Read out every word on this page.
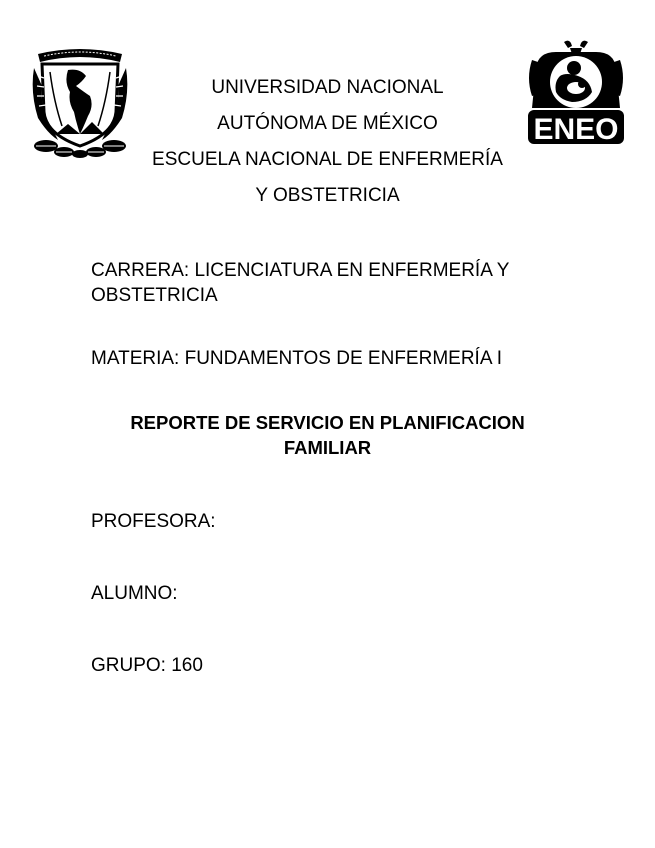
ENEO
UNIVERSIDAD NACIONAL
AUTÓNOMA DE MÉXICO
ESCUELA NACIONAL DE ENFERMERÍA
Y OBSTETRICIA
CARRERA: LICENCIATURA EN ENFERMERÍA Y OBSTETRICIA
MATERIA: FUNDAMENTOS DE ENFERMERÍA I
REPORTE DE SERVICIO EN PLANIFICACION FAMILIAR
PROFESORA:
ALUMNO:
GRUPO: 160
